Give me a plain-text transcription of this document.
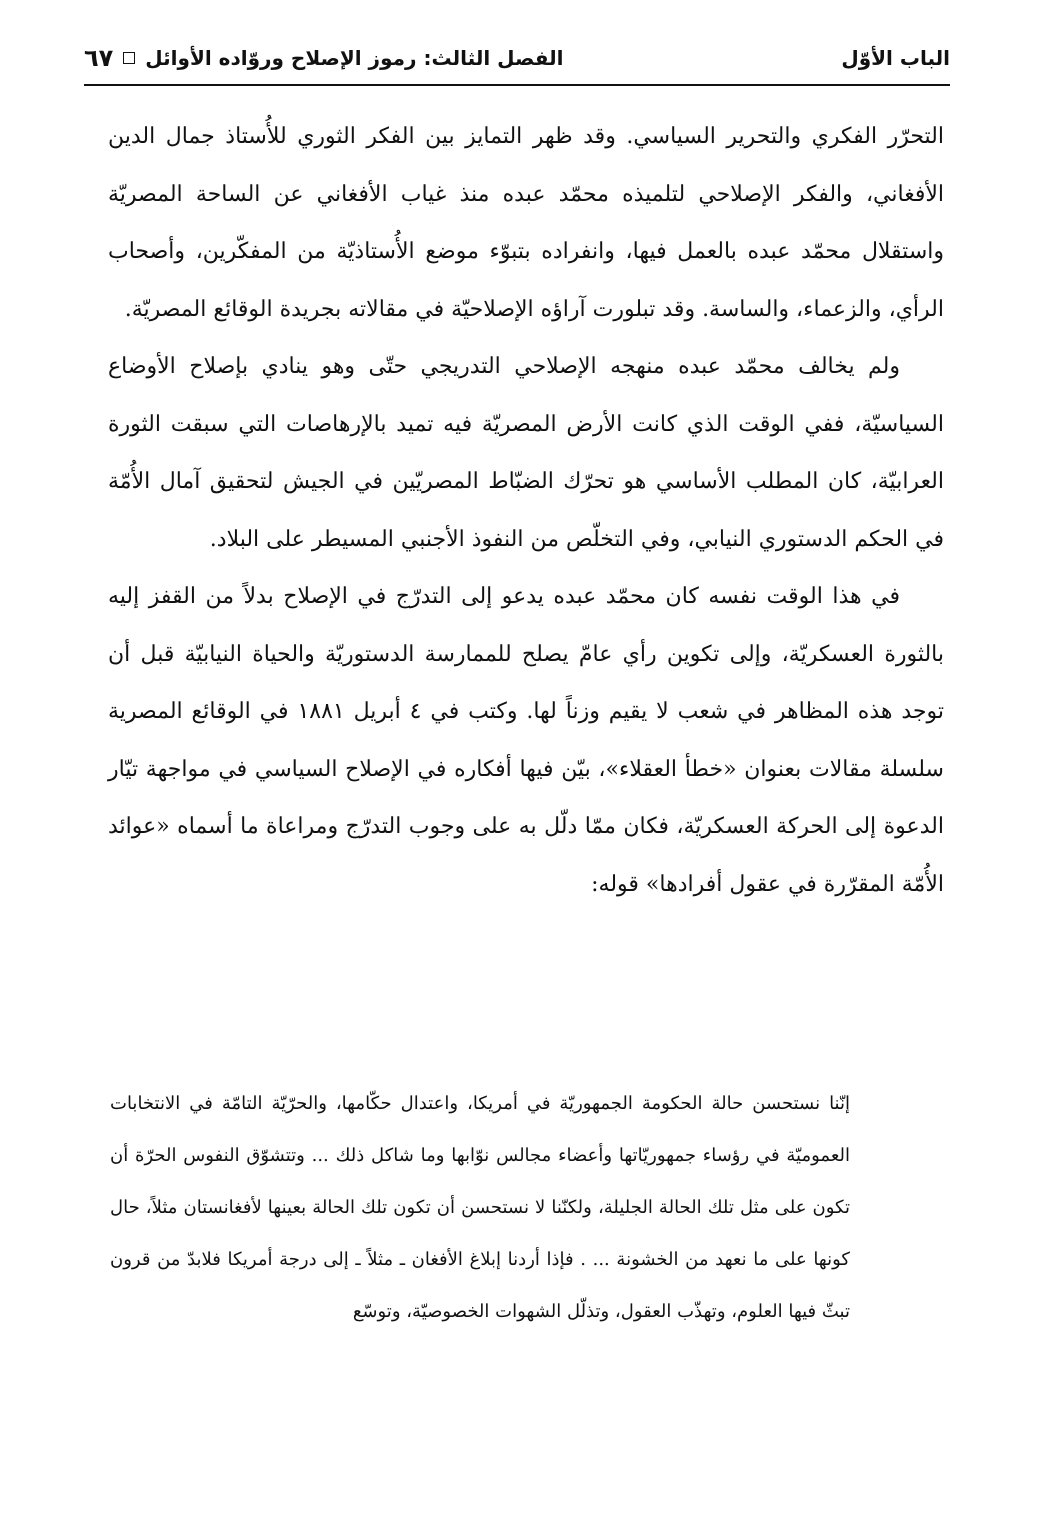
الباب الأوّل
الفصل الثالث: رموز الإصلاح وروّاده الأوائل
٦٧

التحرّر الفكري والتحرير السياسي. وقد ظهر التمايز بين الفكر الثوري للأُستاذ جمال الدين الأفغاني، والفكر الإصلاحي لتلميذه محمّد عبده منذ غياب الأفغاني عن الساحة المصريّة واستقلال محمّد عبده بالعمل فيها، وانفراده بتبوّء موضع الأُستاذيّة من المفكّرين، وأصحاب الرأي، والزعماء، والساسة. وقد تبلورت آراؤه الإصلاحيّة في مقالاته بجريدة الوقائع المصريّة.

ولم يخالف محمّد عبده منهجه الإصلاحي التدريجي حتّى وهو ينادي بإصلاح الأوضاع السياسيّة، ففي الوقت الذي كانت الأرض المصريّة فيه تميد بالإرهاصات التي سبقت الثورة العرابيّة، كان المطلب الأساسي هو تحرّك الضبّاط المصريّين في الجيش لتحقيق آمال الأُمّة في الحكم الدستوري النيابي، وفي التخلّص من النفوذ الأجنبي المسيطر على البلاد.

في هذا الوقت نفسه كان محمّد عبده يدعو إلى التدرّج في الإصلاح بدلاً من القفز إليه بالثورة العسكريّة، وإلى تكوين رأي عامّ يصلح للممارسة الدستوريّة والحياة النيابيّة قبل أن توجد هذه المظاهر في شعب لا يقيم وزناً لها. وكتب في ٤ أبريل ١٨٨١ في الوقائع المصرية سلسلة مقالات بعنوان «خطأ العقلاء»، بيّن فيها أفكاره في الإصلاح السياسي في مواجهة تيّار الدعوة إلى الحركة العسكريّة، فكان ممّا دلّل به على وجوب التدرّج ومراعاة ما أسماه «عوائد الأُمّة المقرّرة في عقول أفرادها» قوله:

إنّنا نستحسن حالة الحكومة الجمهوريّة في أمريكا، واعتدال حكّامها، والحرّيّة التامّة في الانتخابات العموميّة في رؤساء جمهوريّاتها وأعضاء مجالس نوّابها وما شاكل ذلك ... وتتشوّق النفوس الحرّة أن تكون على مثل تلك الحالة الجليلة، ولكنّنا لا نستحسن أن تكون تلك الحالة بعينها لأفغانستان مثلاً، حال كونها على ما نعهد من الخشونة ... . فإذا أردنا إبلاغ الأفغان ـ مثلاً ـ إلى درجة أمريكا فلابدّ من قرون تبثّ فيها العلوم، وتهذّب العقول، وتذلّل الشهوات الخصوصيّة، وتوسّع
